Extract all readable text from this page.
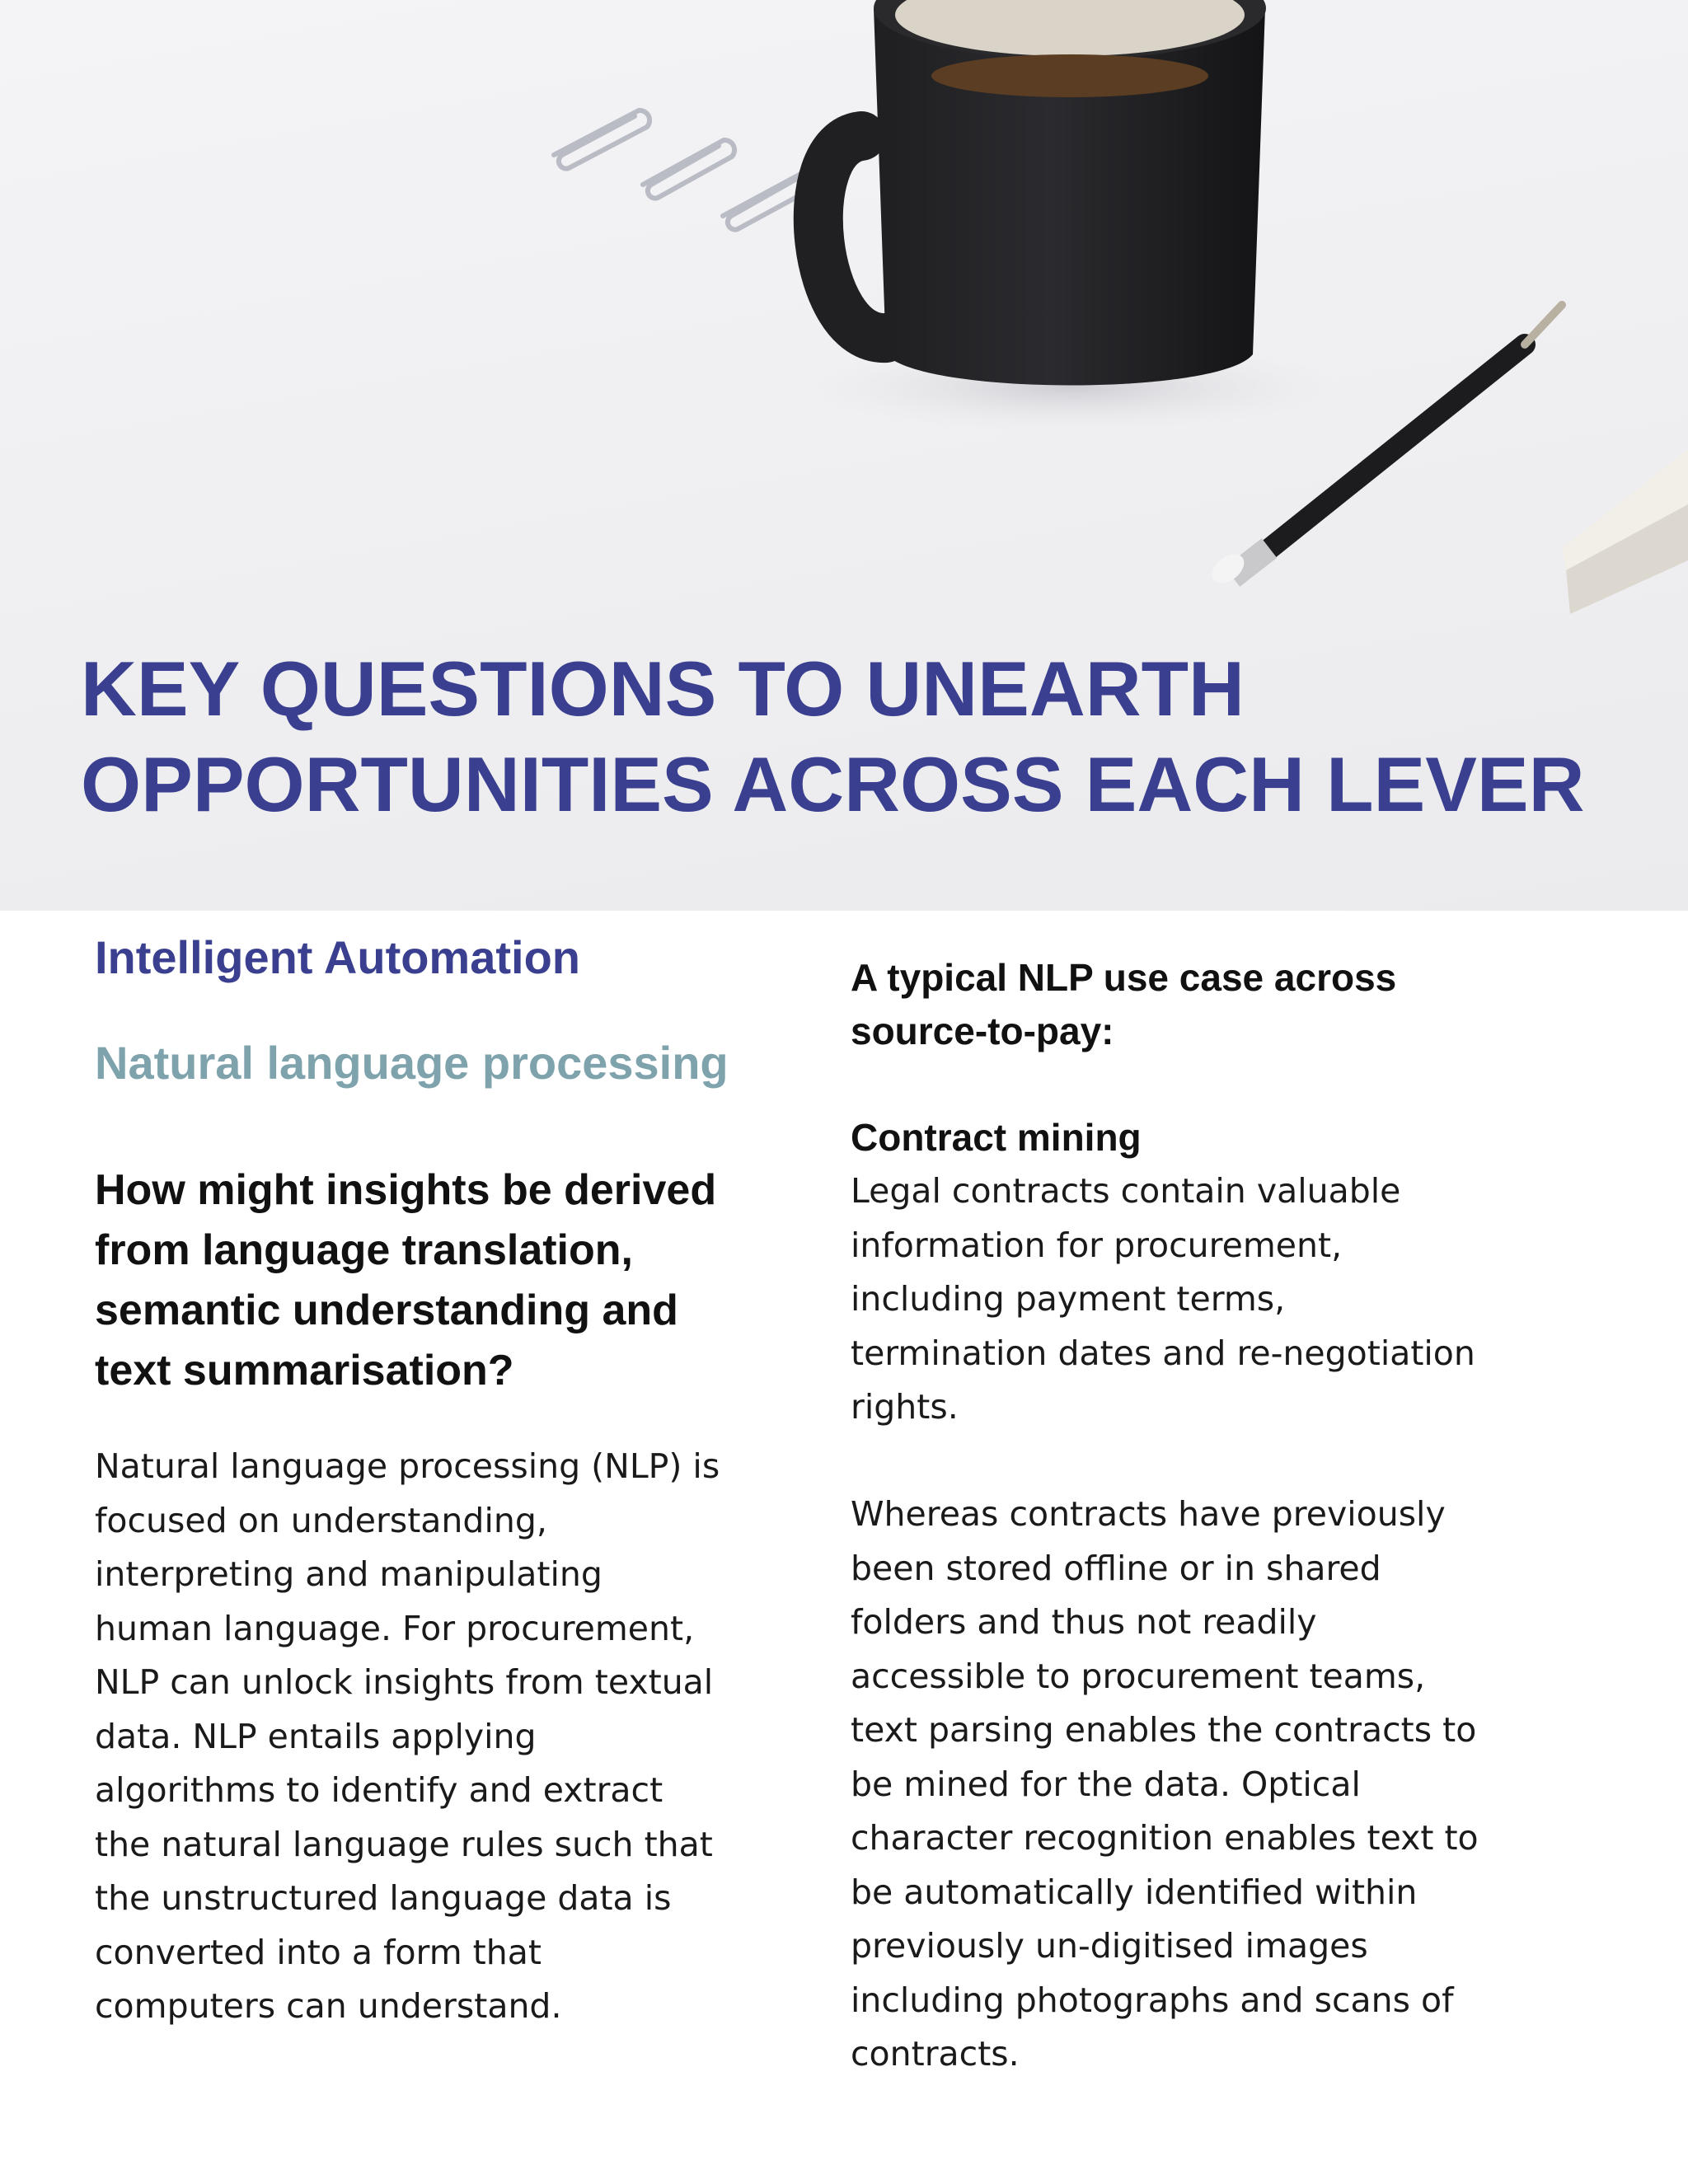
KEY QUESTIONS TO UNEARTH
OPPORTUNITIES ACROSS EACH LEVER
Intelligent Automation
Natural language processing

How might insights be derived from language translation, semantic understanding and text summarisation?

Natural language processing (NLP) is
focused on understanding,
interpreting and manipulating
human language. For procurement,
NLP can unlock insights from textual
data. NLP entails applying
algorithms to identify and extract
the natural language rules such that
the unstructured language data is
converted into a form that
computers can understand.

A typical NLP use case across
source-to-pay:

Contract mining

Legal contracts contain valuable
information for procurement,
including payment terms,
termination dates and re-negotiation
rights.

Whereas contracts have previously
been stored offline or in shared
folders and thus not readily
accessible to procurement teams,
text parsing enables the contracts to
be mined for the data. Optical
character recognition enables text to
be automatically identified within
previously un-digitised images
including photographs and scans of
contracts.
